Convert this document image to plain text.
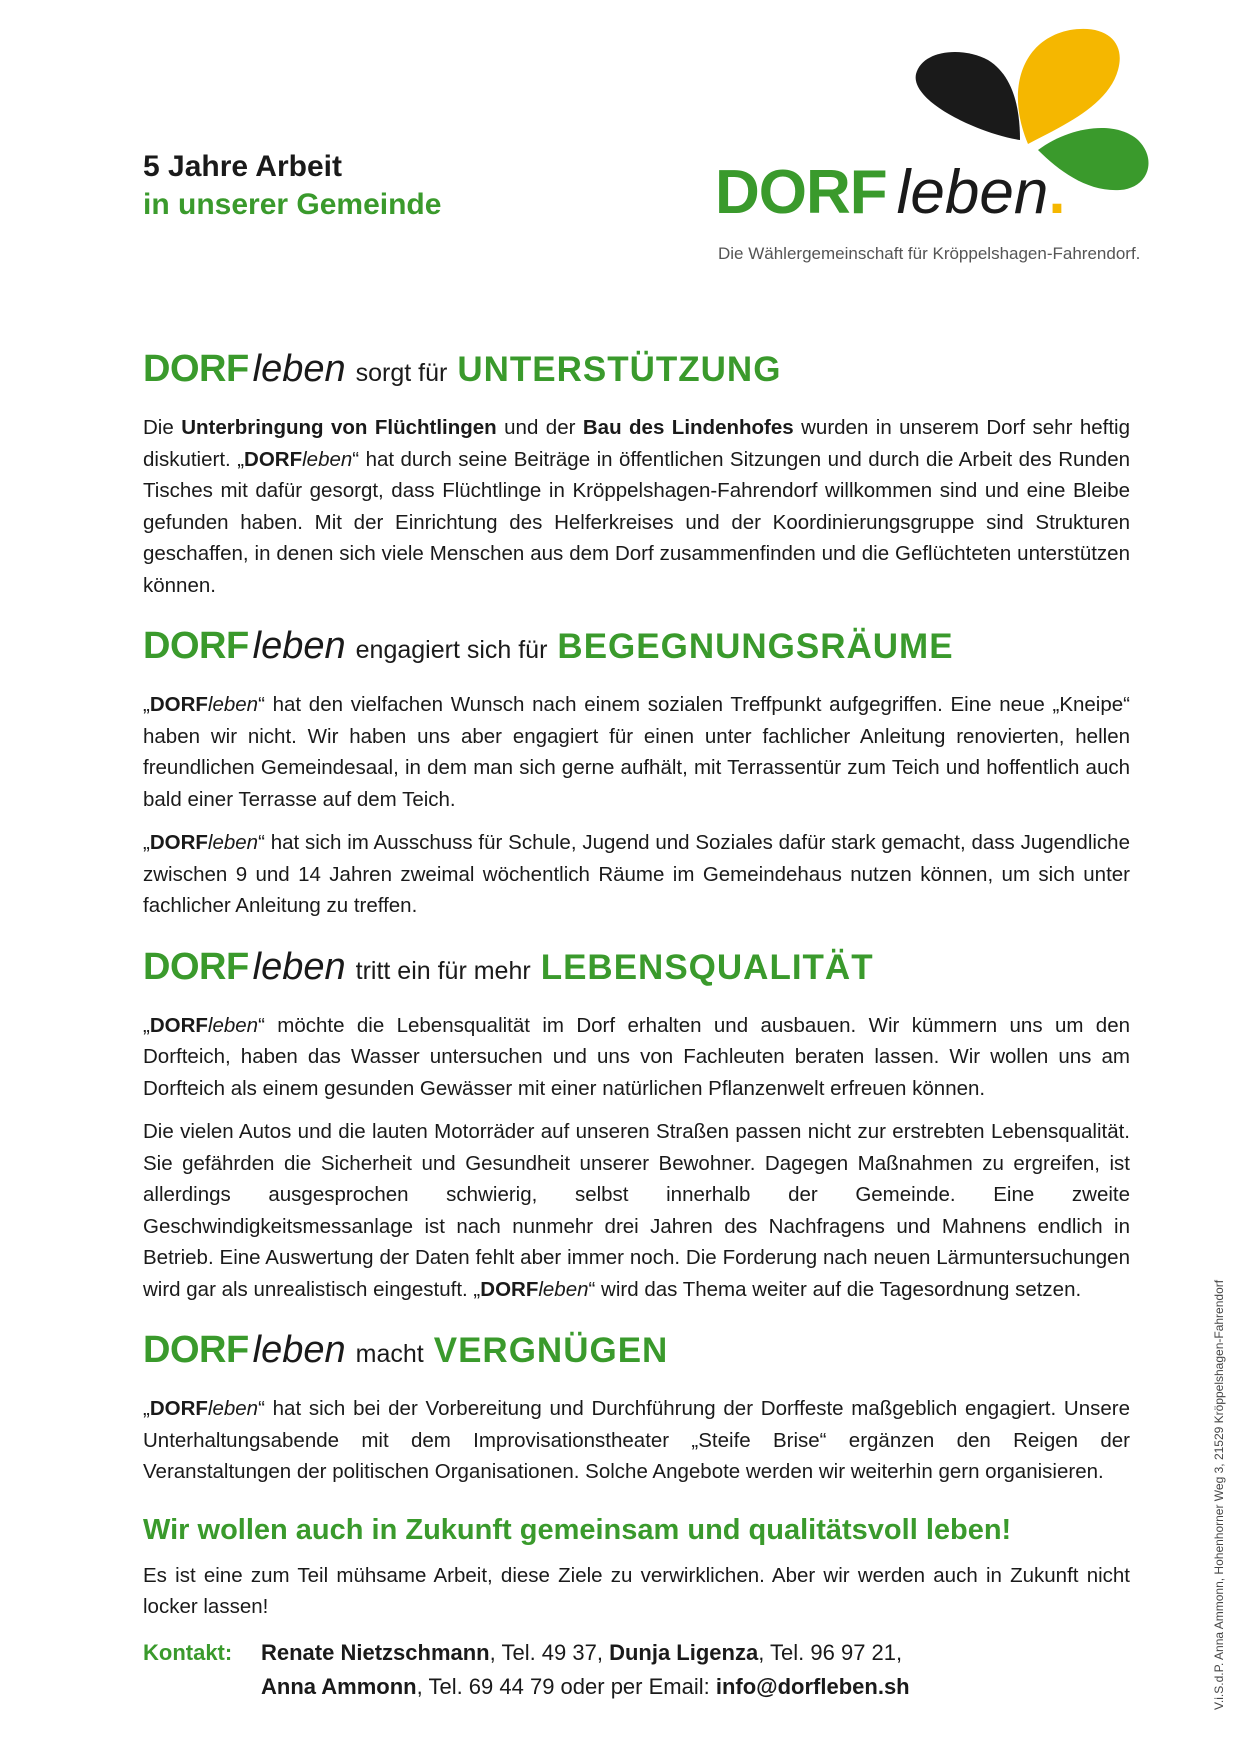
5 Jahre Arbeit
in unserer Gemeinde	DORF leben.
Die Wählergemeinschaft für Kröppelshagen-Fahrendorf.
DORF leben sorgt für UNTERSTÜTZUNG

Die Unterbringung von Flüchtlingen und der Bau des Lindenhofes wurden in unserem Dorf sehr heftig diskutiert. „DORFleben“ hat durch seine Beiträge in öffentlichen Sitzungen und durch die Arbeit des Runden Tisches mit dafür gesorgt, dass Flüchtlinge in Kröppelshagen-Fahrendorf willkommen sind und eine Bleibe gefunden haben. Mit der Einrichtung des Helferkreises und der Koordinierungsgruppe sind Strukturen geschaffen, in denen sich viele Menschen aus dem Dorf zusammenfinden und die Geflüchteten unterstützen können.

DORF leben engagiert sich für BEGEGNUNGSRÄUME

„DORFleben“ hat den vielfachen Wunsch nach einem sozialen Treffpunkt aufgegriffen. Eine neue „Kneipe“ haben wir nicht. Wir haben uns aber engagiert für einen unter fachlicher Anleitung renovierten, hellen freundlichen Gemeindesaal, in dem man sich gerne aufhält, mit Terrassentür zum Teich und hoffentlich auch bald einer Terrasse auf dem Teich.

„DORFleben“ hat sich im Ausschuss für Schule, Jugend und Soziales dafür stark gemacht, dass Jugendliche zwischen 9 und 14 Jahren zweimal wöchentlich Räume im Gemeindehaus nutzen können, um sich unter fachlicher Anleitung zu treffen.

DORF leben tritt ein für mehr LEBENSQUALITÄT

„DORFleben“ möchte die Lebensqualität im Dorf erhalten und ausbauen. Wir kümmern uns um den Dorfteich, haben das Wasser untersuchen und uns von Fachleuten beraten lassen. Wir wollen uns am Dorfteich als einem gesunden Gewässer mit einer natürlichen Pflanzenwelt erfreuen können.

Die vielen Autos und die lauten Motorräder auf unseren Straßen passen nicht zur erstrebten Lebensqualität. Sie gefährden die Sicherheit und Gesundheit unserer Bewohner. Dagegen Maßnahmen zu ergreifen, ist allerdings ausgesprochen schwierig, selbst innerhalb der Gemeinde. Eine zweite Geschwindigkeitsmessanlage ist nach nunmehr drei Jahren des Nachfragens und Mahnens endlich in Betrieb. Eine Auswertung der Daten fehlt aber immer noch. Die Forderung nach neuen Lärmuntersuchungen wird gar als unrealistisch eingestuft. „DORFleben“ wird das Thema weiter auf die Tagesordnung setzen.

DORF leben macht VERGNÜGEN

„DORFleben“ hat sich bei der Vorbereitung und Durchführung der Dorffeste maßgeblich engagiert. Unsere Unterhaltungsabende mit dem Improvisationstheater „Steife Brise“ ergänzen den Reigen der Veranstaltungen der politischen Organisationen. Solche Angebote werden wir weiterhin gern organisieren.

Wir wollen auch in Zukunft gemeinsam und qualitätsvoll leben!

Es ist eine zum Teil mühsame Arbeit, diese Ziele zu verwirklichen. Aber wir werden auch in Zukunft nicht locker lassen!

Kontakt: Renate Nietzschmann, Tel. 49 37, Dunja Ligenza, Tel. 96 97 21,
Anna Ammonn, Tel. 69 44 79 oder per Email: info@dorfleben.sh	V.i.S.d.P. Anna Ammonn, Hohenhorner Weg 3, 21529 Kröppelshagen-Fahrendorf
